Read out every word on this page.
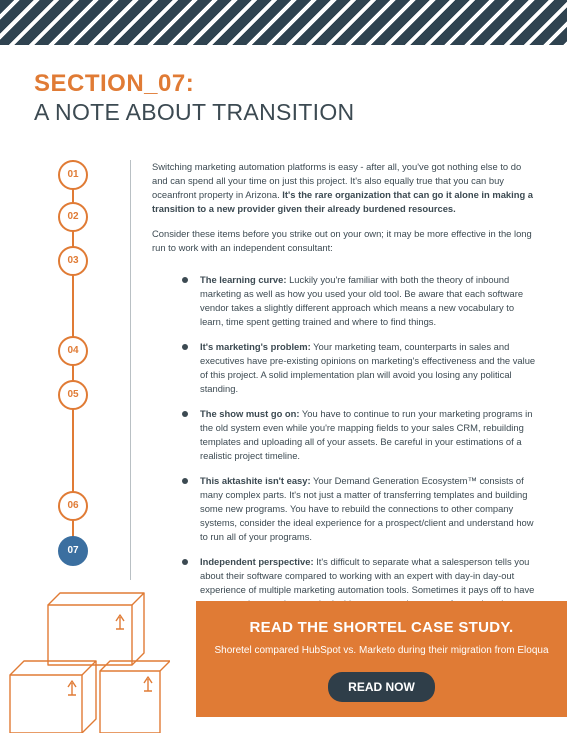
SECTION_07:
A NOTE ABOUT TRANSITION
01
02
03
04
05
06
07

Switching marketing automation platforms is easy - after all, you've got nothing else to do and can spend all your time on just this project. It's also equally true that you can buy oceanfront property in Arizona. It's the rare organization that can go it alone in making a transition to a new provider given their already burdened resources.

Consider these items before you strike out on your own; it may be more effective in the long run to work with an independent consultant:

The learning curve: Luckily you're familiar with both the theory of inbound marketing as well as how you used your old tool. Be aware that each software vendor takes a slightly different approach which means a new vocabulary to learn, time spent getting trained and where to find things.
It's marketing's problem: Your marketing team, counterparts in sales and executives have pre-existing opinions on marketing's effectiveness and the value of this project. A solid implementation plan will avoid you losing any political standing.
The show must go on: You have to continue to run your marketing programs in the old system even while you're mapping fields to your sales CRM, rebuilding templates and uploading all of your assets. Be careful in your estimations of a realistic project timeline.
This aktashite isn't easy: Your Demand Generation Ecosystem™ consists of many complex parts. It's not just a matter of transferring templates and building some new programs. You have to rebuild the connections to other company systems, consider the ideal experience for a prospect/client and understand how to run all of your programs.
Independent perspective: It's difficult to separate what a salesperson tells you about their software compared to working with an expert with day-in day-out experience of multiple marketing automation tools. Sometimes it pays off to have
READ THE SHORTEL CASE STUDY.
Shoretel compared HubSpot vs. Marketo during their migration from Eloqua
READ NOW
